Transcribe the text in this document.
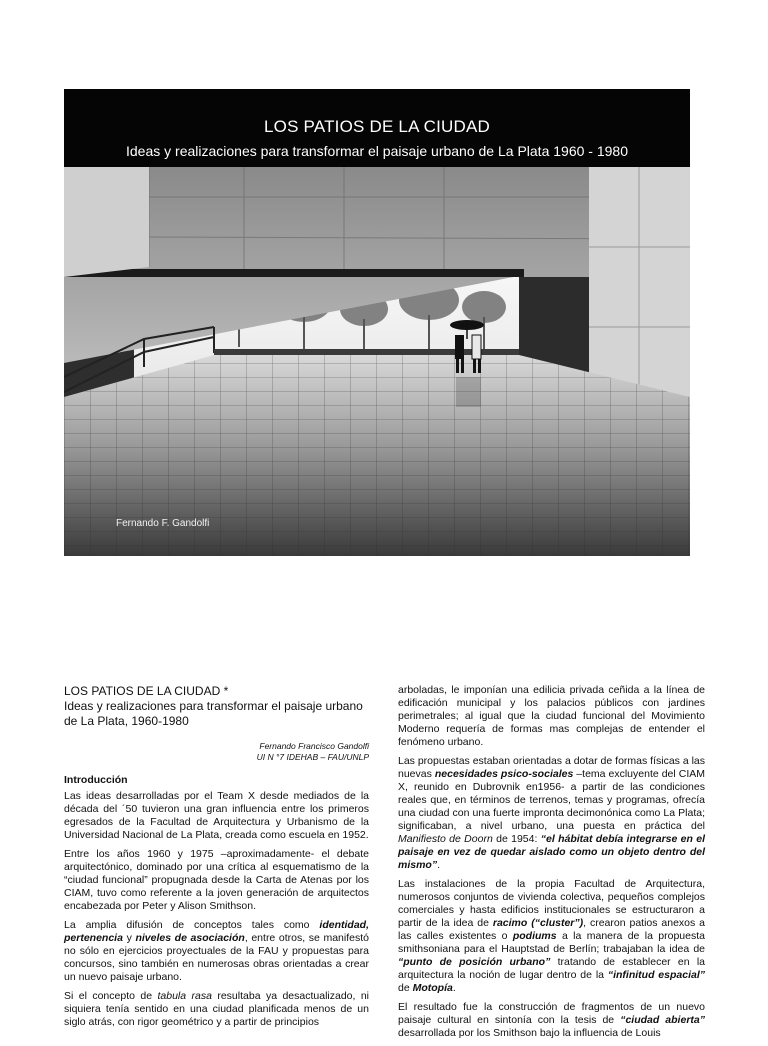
LOS PATIOS DE LA CIUDAD
Ideas y realizaciones para transformar el paisaje urbano de La Plata 1960 - 1980
Fernando F. Gandolfi
LOS PATIOS DE LA CIUDAD *
Ideas y realizaciones para transformar el paisaje urbano de La Plata, 1960-1980
Fernando Francisco Gandolfi
UI N °7 IDEHAB – FAU/UNLP
Introducción

Las ideas desarrolladas por el Team X desde mediados de la década del ´50 tuvieron una gran influencia entre los primeros egresados de la Facultad de Arquitectura y Urbanismo de la Universidad Nacional de La Plata, creada como escuela en 1952.

Entre los años 1960 y 1975 –aproximadamente- el debate arquitectónico, dominado por una crítica al esquematismo de la “ciudad funcional” propugnada desde la Carta de Atenas por los CIAM, tuvo como referente a la joven generación de arquitectos encabezada por Peter y Alison Smithson.

La amplia difusión de conceptos tales como identidad, pertenencia y niveles de asociación, entre otros, se manifestó no sólo en ejercicios proyectuales de la FAU y propuestas para concursos, sino también en numerosas obras orientadas a crear un nuevo paisaje urbano.

Si el concepto de tabula rasa resultaba ya desactualizado, ni siquiera tenía sentido en una ciudad planificada menos de un siglo atrás, con rigor geométrico y a partir de principios

arboladas, le imponían una edilicia privada ceñida a la línea de edificación municipal y los palacios públicos con jardines perimetrales; al igual que la ciudad funcional del Movimiento Moderno requería de formas mas complejas de entender el fenómeno urbano.

Las propuestas estaban orientadas a dotar de formas físicas a las nuevas necesidades psico-sociales –tema excluyente del CIAM X, reunido en Dubrovnik en1956- a partir de las condiciones reales que, en términos de terrenos, temas y programas, ofrecía una ciudad con una fuerte impronta decimonónica como La Plata; significaban, a nivel urbano, una puesta en práctica del Manifiesto de Doorn de 1954: “el hábitat debía integrarse en el paisaje en vez de quedar aislado como un objeto dentro del mismo”.

Las instalaciones de la propia Facultad de Arquitectura, numerosos conjuntos de vivienda colectiva, pequeños complejos comerciales y hasta edificios institucionales se estructuraron a partir de la idea de racimo (“cluster”), crearon patios anexos a las calles existentes o podiums a la manera de la propuesta smithsoniana para el Hauptstad de Berlín; trabajaban la idea de “punto de posición urbano” tratando de establecer en la arquitectura la noción de lugar dentro de la “infinitud espacial” de Motopía.

El resultado fue la construcción de fragmentos de un nuevo paisaje cultural en sintonía con la tesis de “ciudad abierta” desarrollada por los Smithson bajo la influencia de Louis
